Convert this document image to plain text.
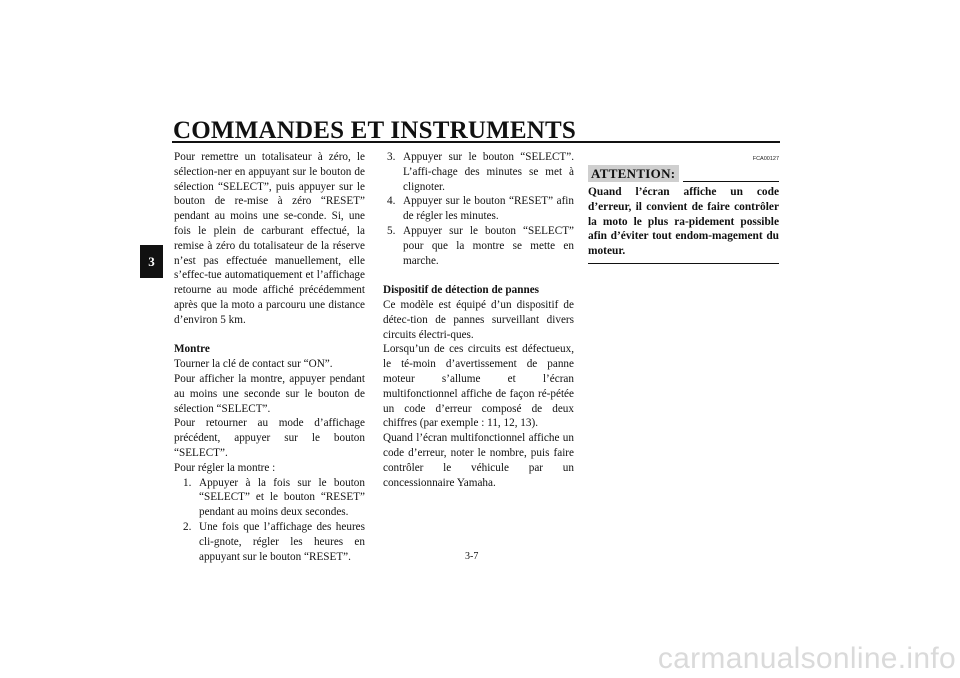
COMMANDES ET INSTRUMENTS
3

Pour remettre un totalisateur à zéro, le sélection-ner en appuyant sur le bouton de sélection “SELECT”, puis appuyer sur le bouton de re-mise à zéro “RESET” pendant au moins une se-conde. Si, une fois le plein de carburant effectué, la remise à zéro du totalisateur de la réserve n’est pas effectuée manuellement, elle s’effec-tue automatiquement et l’affichage retourne au mode affiché précédemment après que la moto a parcouru une distance d’environ 5 km.

Montre

Tourner la clé de contact sur “ON”.

Pour afficher la montre, appuyer pendant au moins une seconde sur le bouton de sélection “SELECT”.

Pour retourner au mode d’affichage précédent, appuyer sur le bouton “SELECT”.

Pour régler la montre :

1. Appuyer à la fois sur le bouton “SELECT” et le bouton “RESET” pendant au moins deux secondes.
2. Une fois que l’affichage des heures cli-gnote, régler les heures en appuyant sur le bouton “RESET”.
3. Appuyer sur le bouton “SELECT”. L’affi-chage des minutes se met à clignoter.
4. Appuyer sur le bouton “RESET” afin de régler les minutes.
5. Appuyer sur le bouton “SELECT” pour que la montre se mette en marche.

Dispositif de détection de pannes

Ce modèle est équipé d’un dispositif de détec-tion de pannes surveillant divers circuits électri-ques.

Lorsqu’un de ces circuits est défectueux, le té-moin d’avertissement de panne moteur s’allume et l’écran multifonctionnel affiche de façon ré-pétée un code d’erreur composé de deux chiffres (par exemple : 11, 12, 13).

Quand l’écran multifonctionnel affiche un code d’erreur, noter le nombre, puis faire contrôler le véhicule par un concessionnaire Yamaha.

FCA00127
ATTENTION:

Quand l’écran affiche un code d’erreur, il convient de faire contrôler la moto le plus ra-pidement possible afin d’éviter tout endom-magement du moteur.

3-7
carmanualsonline.info
